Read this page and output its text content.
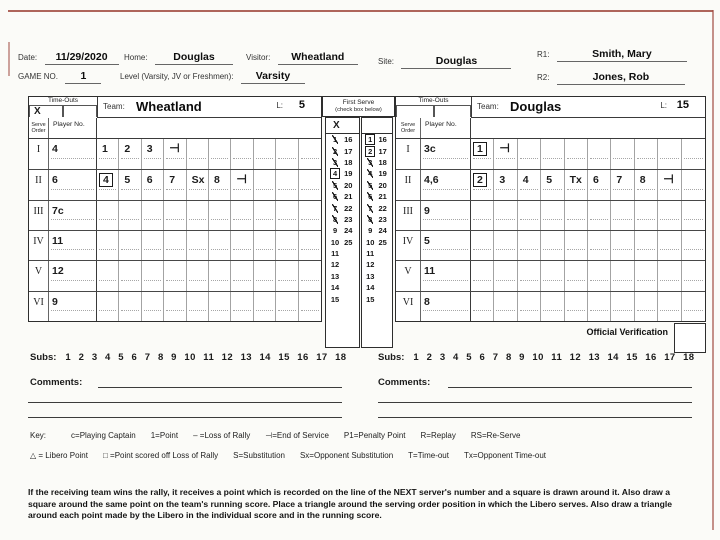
Date: 11/29/2020	Home: Douglas	Visitor: Wheatland	Site:	Douglas
R1:	Smith, Mary
GAME NO. 1	Level (Varsity, JV or Freshmen): Varsity	R2:	Jones, Rob
Time-Outs
X	Team: Wheatland	L: 5
Serve Order
Player No.
I	4	1	2	3	⊣
II 6	4	5	6	7	Sx 8	⊣
III 7c
IV 11
V 12
VI 9
First Serve
(check box below)
X
1 16
2 17
3 18
4 19
5 20
6 21
7 22
8 23
9 24
10 25
11
12
13
14
15
1 16
2 17
3 18
4 19
5 20
6 21
7 22
8 23
9 24
10 25
11
12
13
14
15
Time-Outs
Team: Douglas	L: 15
Serve Order
Player No.
I	3c	1	⊣
II	4,6	2	3	4	5	Tx	6	7	8	⊣
III	9
IV	5
V	11
VI	8
Official Verification
Subs: 1 2 3 4 5 6 7 8 9 10 11 12 13 14 15 16 17 18	Subs: 1 2 3 4 5 6 7 8 9 10 11 12 13 14 15 16 17 18
Comments:	Comments:
Key:	c=Playing Captain 1=Point – =Loss of Rally ⊣=End of Service P1=Penalty Point R=Replay RS=Re-Serve
△ = Libero Point □ =Point scored off Loss of Rally S=Substitution Sx=Opponent Substitution T=Time-out Tx=Opponent Time-out
If the receiving team wins the rally, it receives a point which is recorded on the line of the NEXT server's number and a square is drawn around it. Also draw a square around the same point on the team's running score. Place a triangle around the serving order position in which the Libero serves. Also draw a triangle around each point made by the Libero in the individual score and in the running score.
